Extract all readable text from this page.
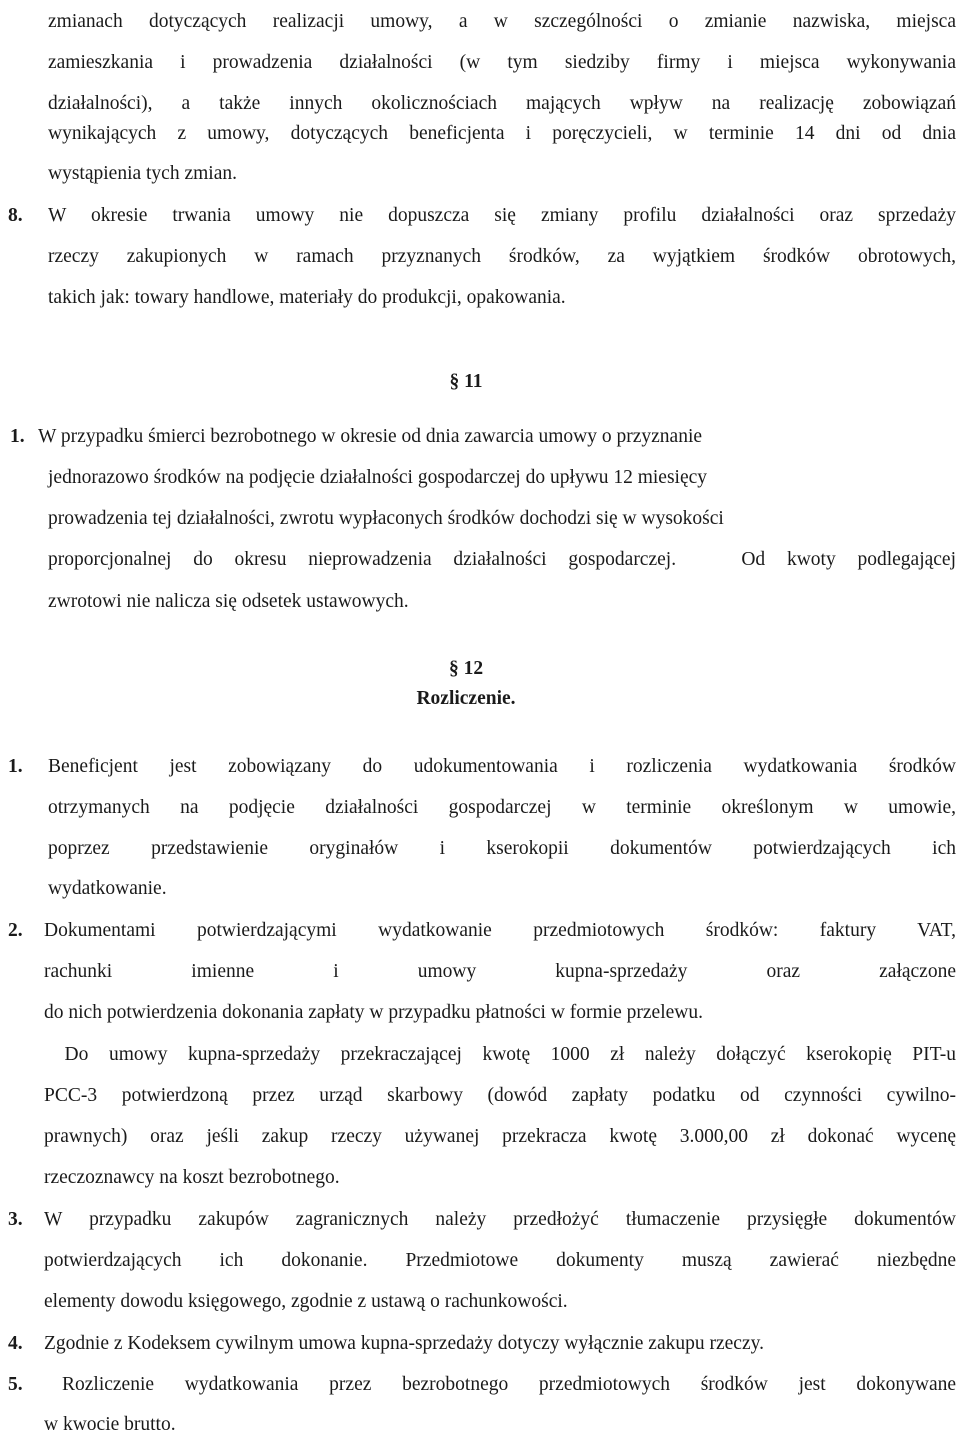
zmianach dotyczących realizacji umowy, a w szczególności o zmianie nazwiska, miejsca
zamieszkania i prowadzenia działalności (w tym siedziby firmy i miejsca wykonywania
działalności), a także innych okolicznościach mających wpływ na realizację zobowiązań
wynikających z umowy, dotyczących beneficjenta i poręczycieli, w terminie 14 dni od dnia
wystąpienia tych zmian.
8. W okresie trwania umowy nie dopuszcza się zmiany profilu działalności oraz sprzedaży
rzeczy zakupionych w ramach przyznanych środków, za wyjątkiem środków obrotowych,
takich jak: towary handlowe, materiały do produkcji, opakowania.
§ 11
1. W przypadku śmierci bezrobotnego w okresie od dnia zawarcia umowy o przyznanie
jednorazowo środków na podjęcie działalności gospodarczej do upływu 12 miesięcy
prowadzenia tej działalności, zwrotu wypłaconych środków dochodzi się w wysokości
proporcjonalnej do okresu nieprowadzenia działalności gospodarczej.   Od kwoty podlegającej
zwrotowi nie nalicza się odsetek ustawowych.
§ 12
Rozliczenie.
1. Beneficjent jest zobowiązany do udokumentowania i rozliczenia wydatkowania środków
otrzymanych na podjęcie działalności gospodarczej w terminie określonym w umowie,
poprzez przedstawienie oryginałów i kserokopii dokumentów potwierdzających ich
wydatkowanie.
2. Dokumentami potwierdzającymi wydatkowanie przedmiotowych środków: faktury VAT,
rachunki imienne i umowy kupna-sprzedaży oraz załączone
do nich potwierdzenia dokonania zapłaty w przypadku płatności w formie przelewu.
Do umowy kupna-sprzedaży przekraczającej kwotę 1000 zł należy dołączyć kserokopię PIT-u
PCC-3 potwierdzoną przez urząd skarbowy (dowód zapłaty podatku od czynności cywilno-
prawnych) oraz jeśli zakup rzeczy używanej przekracza kwotę 3.000,00 zł dokonać wycenę
rzeczoznawcy na koszt bezrobotnego.
3. W przypadku zakupów zagranicznych należy przedłożyć tłumaczenie przysięgłe dokumentów
potwierdzających ich dokonanie. Przedmiotowe dokumenty muszą zawierać niezbędne
elementy dowodu księgowego, zgodnie z ustawą o rachunkowości.
4. Zgodnie z Kodeksem cywilnym umowa kupna-sprzedaży dotyczy wyłącznie zakupu rzeczy.
5. Rozliczenie wydatkowania przez bezrobotnego przedmiotowych środków jest dokonywane
w kwocie brutto.
